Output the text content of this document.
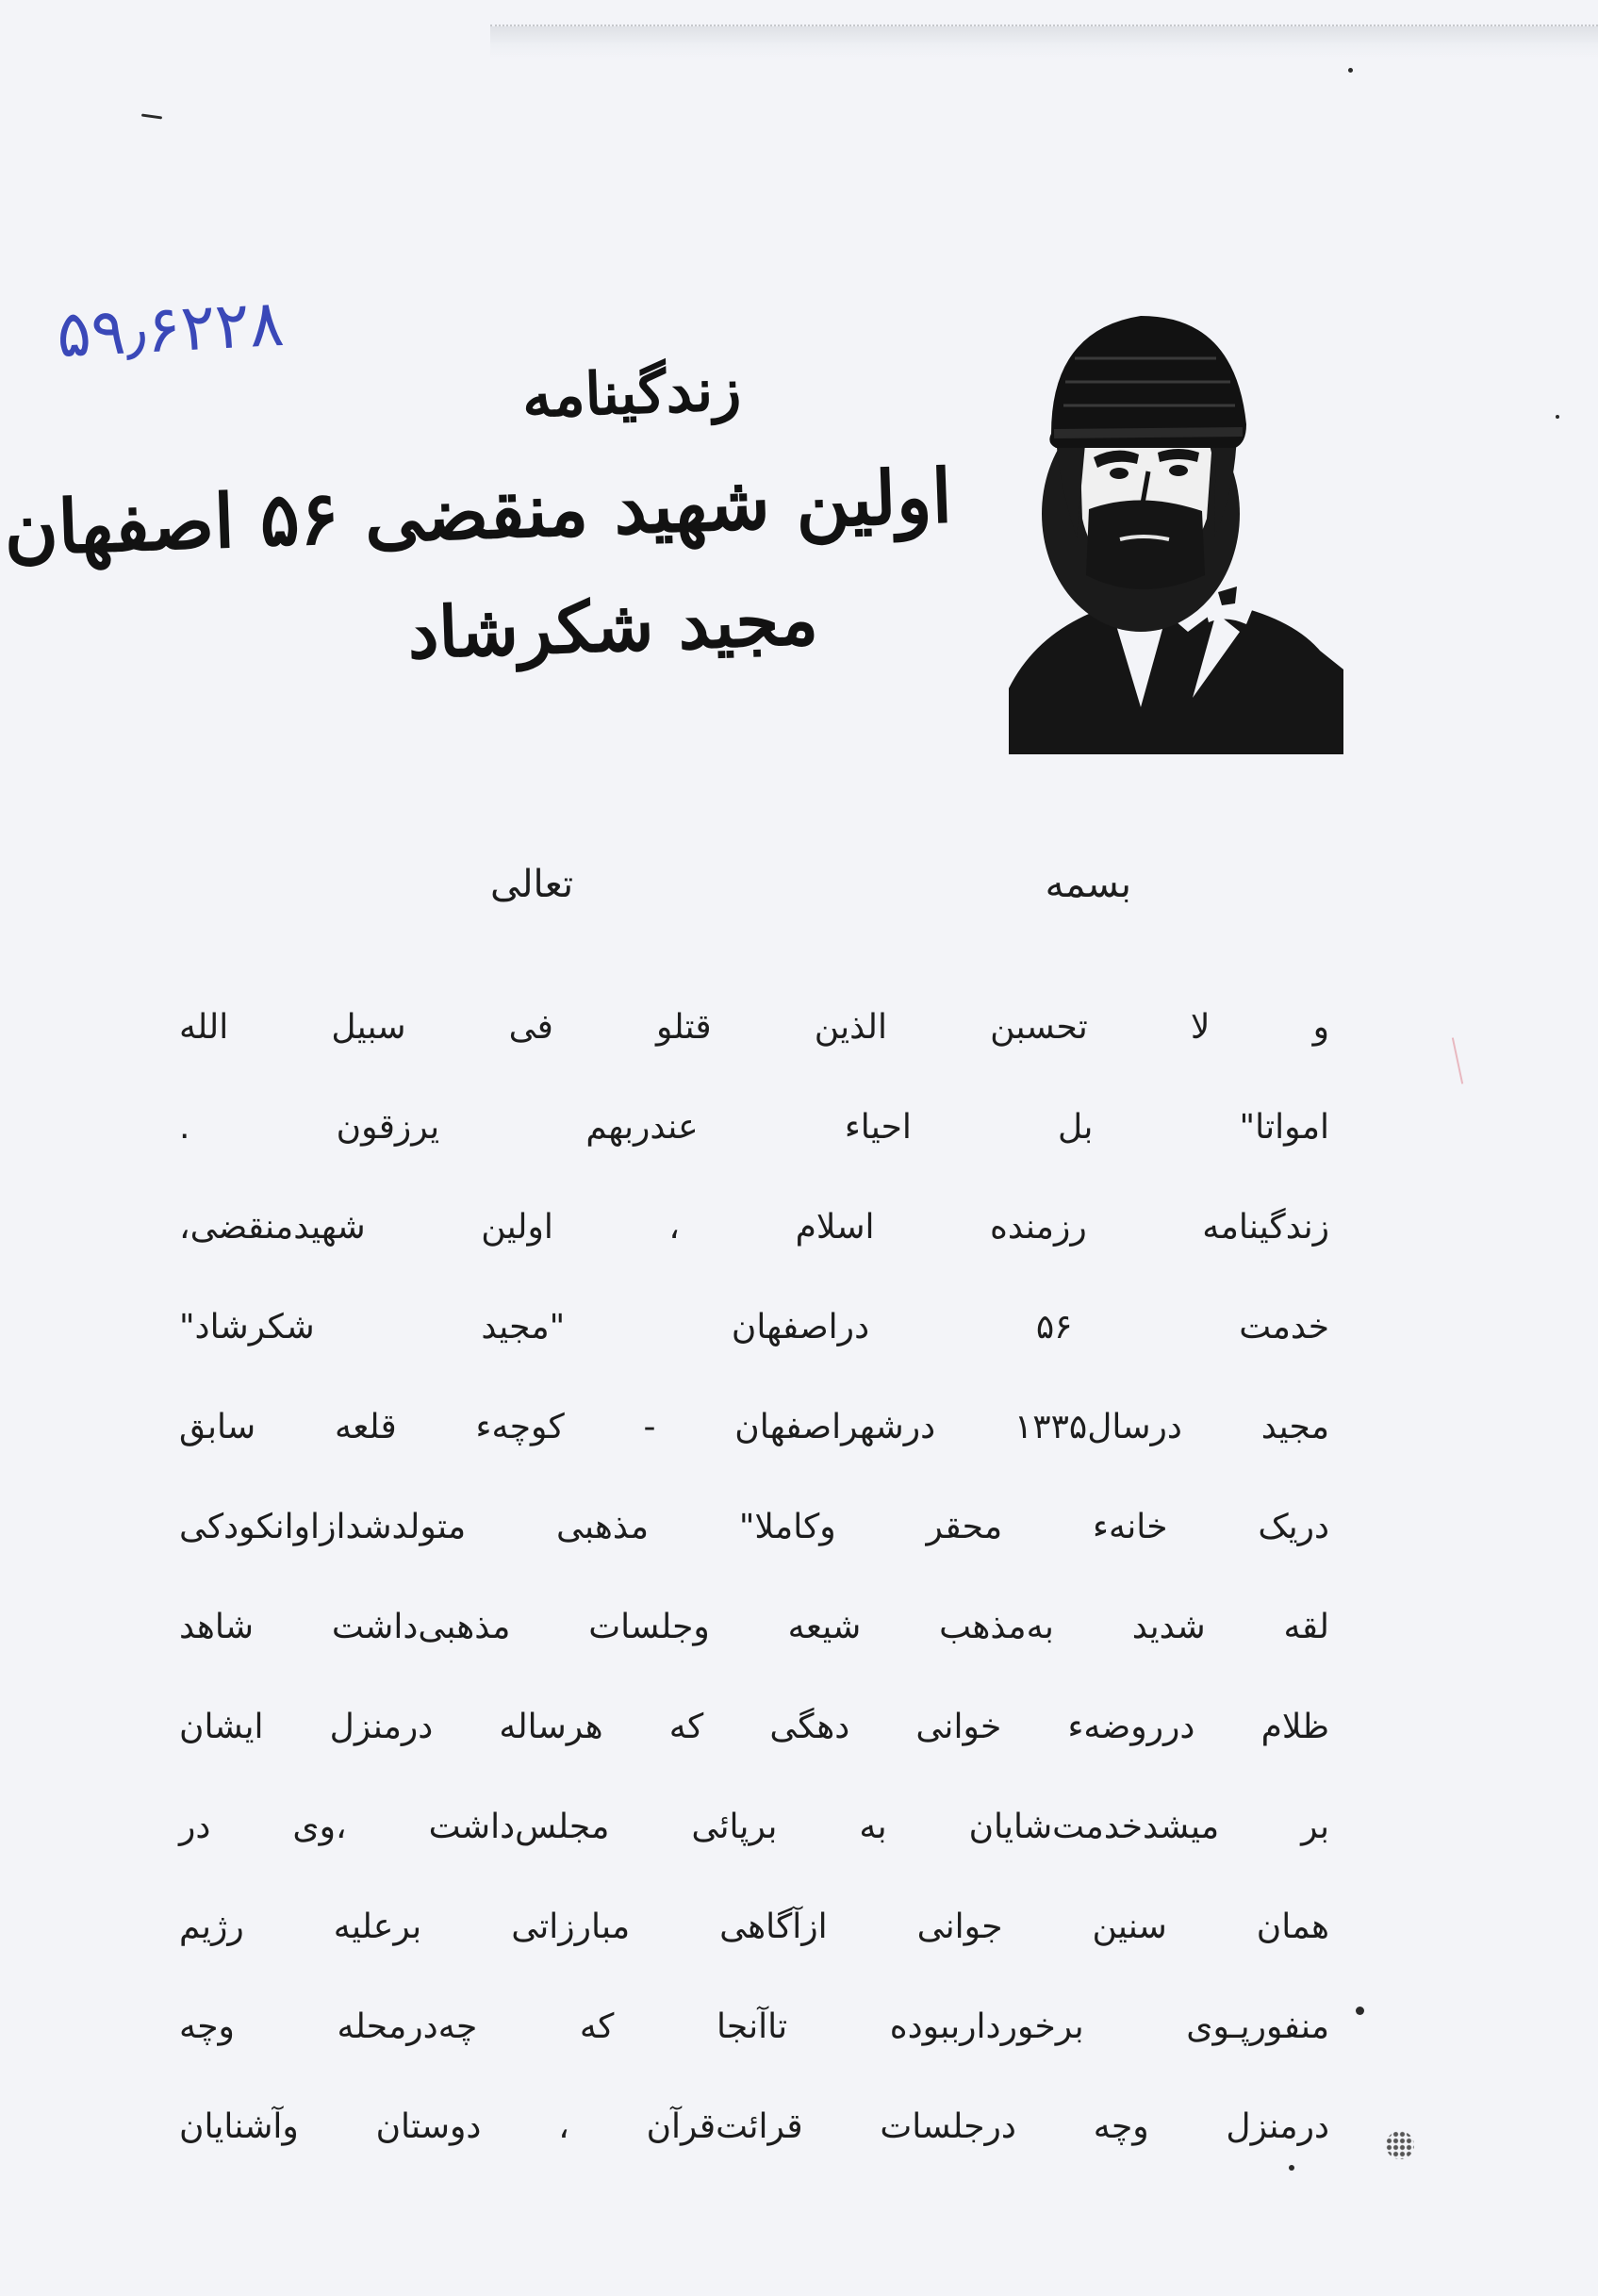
۵۹٫۶۲۲۸
زندگینامه
اولین شهید منقضی ۵۶ اصفهان
مجید شکرشاد
بسمه تعالی
و لا تحسبن الذین قتلو فی سبیل الله
امواتا" بل احیاء عندربهم یرزقون .
زندگینامه رزمنده اسلام ، اولین شهیدمنقضی،
خدمت ۵۶ دراصفهان "مجید شکرشاد"
مجید درسال۱۳۳۵ درشهراصفهان - کوچه‌ء قلعه سابق
دریک خانه‌ء محقر وکاملا" مذهبی متولدشدازاوانکودکی
لقه شدید به‌مذهب شیعه وجلسات مذهبی‌داشت شاهد
ظلام درروضه‌ء خوانی دهگی که هرساله درمنزل ایشان
بر میشدخدمت‌شایان به برپائی مجلس‌داشت ،وی در
همان سنین جوانی ازآگاهی مبارزاتی برعلیه رژیم
منفورپ‍ـوی برخوردارببوده تاآنجا که چه‌درمحله وچه
درمنزل وچه درجلسات قرائت‌قرآن ، دوستان وآشنایان
